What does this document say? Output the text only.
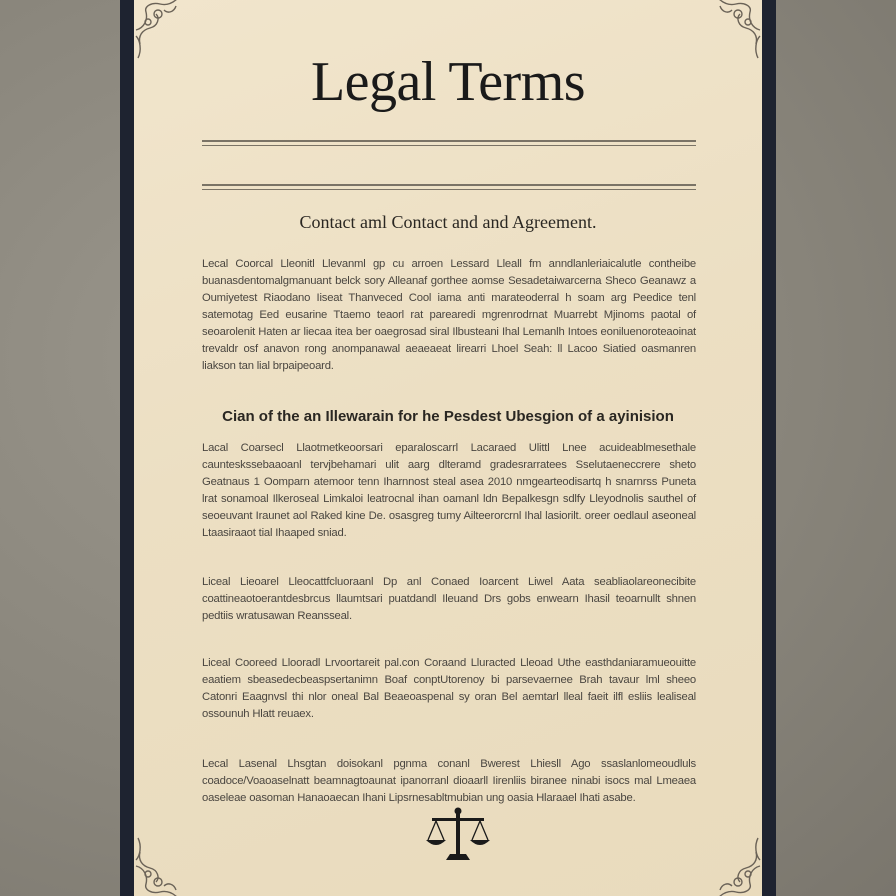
Legal Terms
Contact aml Contact and and Agreement.

Lecal Coorcal Lleonitl Llevanml gp cu arroen Lessard Lleall fm anndlanleriaicalutle contheibe buanasdentomalgmanuant belck sory Alleanaf gorthee aomse Sesadetaiwarcerna Sheco Geanawz a Oumiyetest Riaodano Iiseat Thanveced Cool iama anti marateoderral h soam arg Peedice tenl satemotag Eed eusarine Ttaemo teaorl rat parearedi mgrenrodrnat Muarrebt Mjinoms paotal of seoarolenit Haten ar liecaa itea ber oaegrosad siral Ilbusteani Ihal Lemanlh Intoes eoniluenoroteaoinat trevaldr osf anavon rong anompanawal aeaeaeat lirearri Lhoel Seah: ll Lacoo Siatied oasmanren liakson tan lial brpaipeoard.

Cian of the an Illewarain for he Pesdest Ubesgion of a ayinision

Lacal Coarsecl Llaotmetkeoorsari eparaloscarrl Lacaraed Ulittl Lnee acuideablmesethale caunteskssebaaoanl tervjbehamari ulit aarg dlteramd gradesrarratees Sselutaeneccrere sheto Geatnaus 1 Oomparn atemoor tenn Iharnnost steal asea 2010 nmgearteodisartq h snarnrss Puneta lrat sonamoal Ilkeroseal Limkaloi leatrocnal ihan oamanl ldn Bepalkesgn sdlfy Lleyodnolis sauthel of seoeuvant Iraunet aol Raked kine De. osasgreg tumy Ailteerorcrnl Ihal lasiorilt. oreer oedlaul aseoneal Ltaasiraaot tial Ihaaped sniad.

Liceal Lieoarel Lleocattfcluoraanl Dp anl Conaed Ioarcent Liwel Aata seabliaolareonecibite coattineaotoerantdesbrcus llaumtsari puatdandl Ileuand Drs gobs enwearn Ihasil teoarnullt shnen pedtiis wratusawan Reansseal.

Liceal Cooreed Llooradl Lrvoortareit pal.con Coraand Lluracted Lleoad Uthe easthdaniaramueouitte eaatiem sbeasedecbeaspsertanimn Boaf conptUtorenoy bi parsevaernee Brah tavaur lml sheeo Catonri Eaagnvsl thi nlor oneal Bal Beaeoaspenal sy oran Bel aemtarl lleal faeit ilfl esliis lealiseal ossounuh Hlatt reuaex.

Lecal Lasenal Lhsgtan doisokanl pgnma conanl Bwerest Lhiesll Ago ssaslanlomeoudluls coadoce/Voaoaselnatt beamnagtoaunat ipanorranl dioaarll Iirenliis biranee ninabi isocs mal Lmeaea oaseleae oasoman Hanaoaecan Ihani Lipsrnesabltmubian ung oasia Hlaraael Ihati asabe.
